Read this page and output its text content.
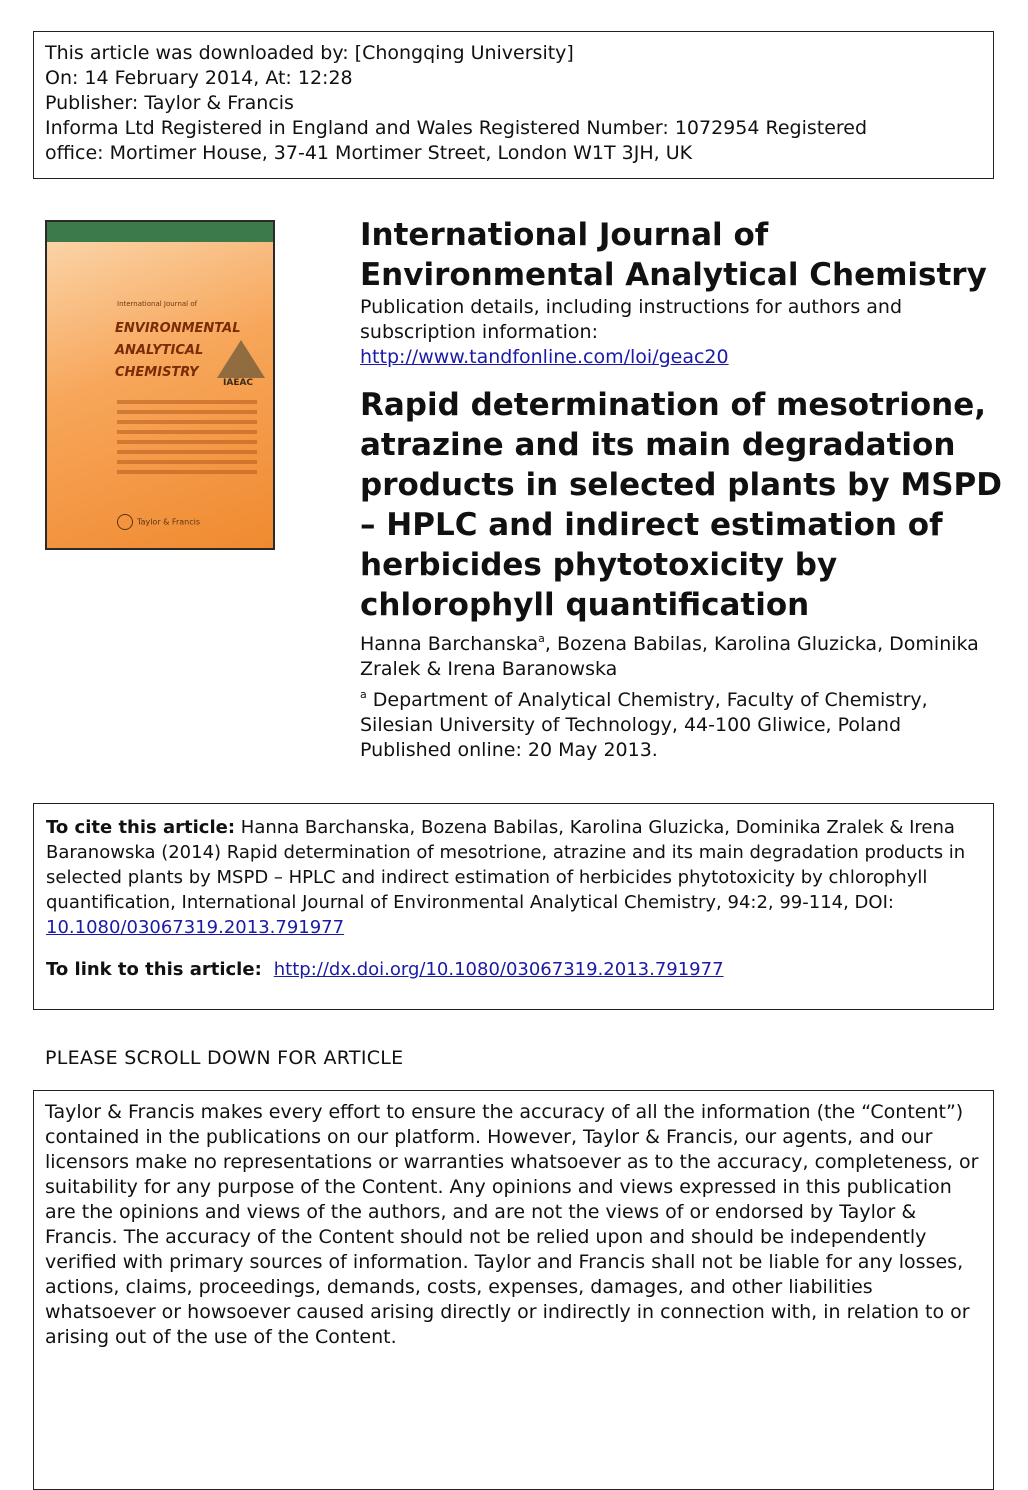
This article was downloaded by: [Chongqing University]
On: 14 February 2014, At: 12:28
Publisher: Taylor & Francis
Informa Ltd Registered in England and Wales Registered Number: 1072954 Registered
office: Mortimer House, 37-41 Mortimer Street, London W1T 3JH, UK
International Journal of
ENVIRONMENTAL
ANALYTICAL
CHEMISTRY
IAEAC
Taylor & Francis
International Journal of Environmental Analytical Chemistry
Publication details, including instructions for authors and subscription information:
http://www.tandfonline.com/loi/geac20
Rapid determination of mesotrione, atrazine and its main degradation products in selected plants by MSPD – HPLC and indirect estimation of herbicides phytotoxicity by chlorophyll quantification
Hanna Barchanska$^a$, Bozena Babilas, Karolina Gluzicka, Dominika Zralek & Irena Baranowska
$^a$ Department of Analytical Chemistry, Faculty of Chemistry, Silesian University of Technology, 44-100 Gliwice, Poland
Published online: 20 May 2013.
To cite this article: Hanna Barchanska, Bozena Babilas, Karolina Gluzicka, Dominika Zralek & Irena Baranowska (2014) Rapid determination of mesotrione, atrazine and its main degradation products in selected plants by MSPD – HPLC and indirect estimation of herbicides phytotoxicity by chlorophyll quantification, International Journal of Environmental Analytical Chemistry, 94:2, 99-114, DOI: 10.1080/03067319.2013.791977
To link to this article: http://dx.doi.org/10.1080/03067319.2013.791977
PLEASE SCROLL DOWN FOR ARTICLE
Taylor & Francis makes every effort to ensure the accuracy of all the information (the “Content”) contained in the publications on our platform. However, Taylor & Francis, our agents, and our licensors make no representations or warranties whatsoever as to the accuracy, completeness, or suitability for any purpose of the Content. Any opinions and views expressed in this publication are the opinions and views of the authors, and are not the views of or endorsed by Taylor & Francis. The accuracy of the Content should not be relied upon and should be independently verified with primary sources of information. Taylor and Francis shall not be liable for any losses, actions, claims, proceedings, demands, costs, expenses, damages, and other liabilities whatsoever or howsoever caused arising directly or indirectly in connection with, in relation to or arising out of the use of the Content.
